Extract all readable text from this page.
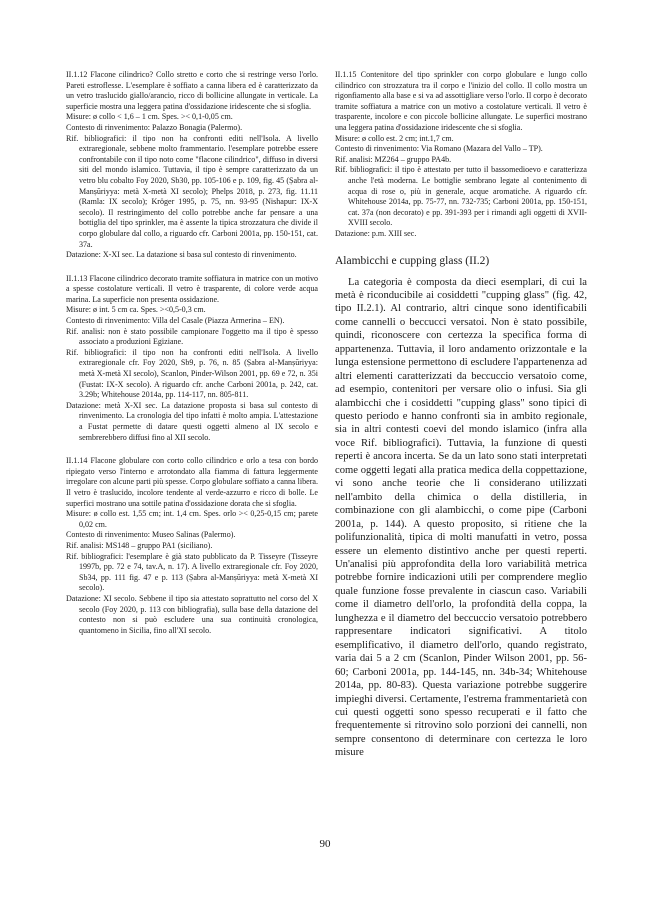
II.1.12 Flacone cilindrico? Collo stretto e corto che si restringe verso l'orlo. Pareti estroflesse. L'esemplare è soffiato a canna libera ed è caratterizzato da un vetro traslucido giallo/arancio, ricco di bollicine allungate in verticale. La superficie mostra una leggera patina d'ossidazione iridescente che si sfoglia.

Misure: ø collo < 1,6 – 1 cm. Spes. >< 0,1-0,05 cm.

Contesto di rinvenimento: Palazzo Bonagia (Palermo).

Rif. bibliografici: il tipo non ha confronti editi nell'Isola. A livello extraregionale, sebbene molto frammentario. l'esemplare potrebbe essere confrontabile con il tipo noto come "flacone cilindrico", diffuso in diversi siti del mondo islamico. Tuttavia, il tipo è sempre caratterizzato da un vetro blu cobalto Foy 2020, Sb30, pp. 105-106 e p. 109, fig. 45 (Ṣabra al-Manṣūriyya: metà X-metà XI secolo); Phelps 2018, p. 273, fig. 11.11 (Ramla: IX secolo); Kröger 1995, p. 75, nn. 93-95 (Nishapur: IX-X secolo). Il restringimento del collo potrebbe anche far pensare a una bottiglia del tipo sprinkler, ma è assente la tipica strozzatura che divide il corpo globulare dal collo, a riguardo cfr. Carboni 2001a, pp. 150-151, cat. 37a.

Datazione: X-XI sec. La datazione si basa sul contesto di rinvenimento.

II.1.13 Flacone cilindrico decorato tramite soffiatura in matrice con un motivo a spesse costolature verticali. Il vetro è trasparente, di colore verde acqua marina. La superficie non presenta ossidazione.

Misure: ø int. 5 cm ca. Spes. ><0,5-0,3 cm.

Contesto di rinvenimento: Villa del Casale (Piazza Armerina – EN).

Rif. analisi: non è stato possibile campionare l'oggetto ma il tipo è spesso associato a produzioni Egiziane.

Rif. bibliografici: il tipo non ha confronti editi nell'Isola. A livello extraregionale cfr. Foy 2020, Sb9, p. 76, n. 85 (Ṣabra al-Manṣūriyya: metà X-metà XI secolo), Scanlon, Pinder-Wilson 2001, pp. 69 e 72, n. 35i (Fustat: IX-X secolo). A riguardo cfr. anche Carboni 2001a, p. 242, cat. 3.29b; Whitehouse 2014a, pp. 114-117, nn. 805-811.

Datazione: metà X-XI sec. La datazione proposta si basa sul contesto di rinvenimento. La cronologia del tipo infatti è molto ampia. L'attestazione a Fustat permette di datare questi oggetti almeno al IX secolo e sembrerebbero diffusi fino al XII secolo.

II.1.14 Flacone globulare con corto collo cilindrico e orlo a tesa con bordo ripiegato verso l'interno e arrotondato alla fiamma di fattura leggermente irregolare con alcune parti più spesse. Corpo globulare soffiato a canna libera. Il vetro è traslucido, incolore tendente al verde-azzurro e ricco di bolle. Le superfici mostrano una sottile patina d'ossidazione dorata che si sfoglia.

Misure: ø collo est. 1,55 cm; int. 1,4 cm. Spes. orlo >< 0,25-0,15 cm; parete 0,02 cm.

Contesto di rinvenimento: Museo Salinas (Palermo).

Rif. analisi: MS148 – gruppo PA1 (siciliano).

Rif. bibliografici: l'esemplare è già stato pubblicato da P. Tisseyre (Tisseyre 1997b, pp. 72 e 74, tav.A, n. 17). A livello extraregionale cfr. Foy 2020, Sb34, pp. 111 fig. 47 e p. 113 (Ṣabra al-Manṣūriyya: metà X-metà XI secolo).

Datazione: XI secolo. Sebbene il tipo sia attestato soprattutto nel corso del X secolo (Foy 2020, p. 113 con bibliografia), sulla base della datazione del contesto non si può escludere una sua continuità cronologica, quantomeno in Sicilia, fino all'XI secolo.

II.1.15 Contenitore del tipo sprinkler con corpo globulare e lungo collo cilindrico con strozzatura tra il corpo e l'inizio del collo. Il collo mostra un rigonfiamento alla base e si va ad assottigliare verso l'orlo. Il corpo è decorato tramite soffiatura a matrice con un motivo a costolature verticali. Il vetro è trasparente, incolore e con piccole bollicine allungate. Le superfici mostrano una leggera patina d'ossidazione iridescente che si sfoglia.

Misure: ø collo est. 2 cm; int.1,7 cm.

Contesto di rinvenimento: Via Romano (Mazara del Vallo – TP).

Rif. analisi: MZ264 – gruppo PA4b.

Rif. bibliografici: il tipo è attestato per tutto il bassomedioevo e caratterizza anche l'età moderna. Le bottiglie sembrano legate al contenimento di acqua di rose o, più in generale, acque aromatiche. A riguardo cfr. Whitehouse 2014a, pp. 75-77, nn. 732-735; Carboni 2001a, pp. 150-151, cat. 37a (non decorato) e pp. 391-393 per i rimandi agli oggetti di XVII-XVIII secolo.

Datazione: p.m. XIII sec.

Alambicchi e cupping glass (II.2)

La categoria è composta da dieci esemplari, di cui la metà è riconducibile ai cosiddetti "cupping glass" (fig. 42, tipo II.2.1). Al contrario, altri cinque sono identificabili come cannelli o beccucci versatoi. Non è stato possibile, quindi, riconoscere con certezza la specifica forma di appartenenza. Tuttavia, il loro andamento orizzontale e la lunga estensione permettono di escludere l'appartenenza ad altri elementi caratterizzati da beccuccio versatoio come, ad esempio, contenitori per versare olio o infusi. Sia gli alambicchi che i cosiddetti "cupping glass" sono tipici di questo periodo e hanno confronti sia in ambito regionale, sia in altri contesti coevi del mondo islamico (infra alla voce Rif. bibliografici). Tuttavia, la funzione di questi reperti è ancora incerta. Se da un lato sono stati interpretati come oggetti legati alla pratica medica della coppettazione, vi sono anche teorie che li considerano utilizzati nell'ambito della chimica o della distilleria, in combinazione con gli alambicchi, o come pipe (Carboni 2001a, p. 144). A questo proposito, si ritiene che la polifunzionalità, tipica di molti manufatti in vetro, possa essere un elemento distintivo anche per questi reperti. Un'analisi più approfondita della loro variabilità metrica potrebbe fornire indicazioni utili per comprendere meglio quale funzione fosse prevalente in ciascun caso. Variabili come il diametro dell'orlo, la profondità della coppa, la lunghezza e il diametro del beccuccio versatoio potrebbero rappresentare indicatori significativi. A titolo esemplificativo, il diametro dell'orlo, quando registrato, varia dai 5 a 2 cm (Scanlon, Pinder Wilson 2001, pp. 56-60; Carboni 2001a, pp. 144-145, nn. 34b-34; Whitehouse 2014a, pp. 80-83). Questa variazione potrebbe suggerire impieghi diversi. Certamente, l'estrema frammentarietà con cui questi oggetti sono spesso recuperati e il fatto che frequentemente si ritrovino solo porzioni dei cannelli, non sempre consentono di determinare con certezza le loro misure

90
